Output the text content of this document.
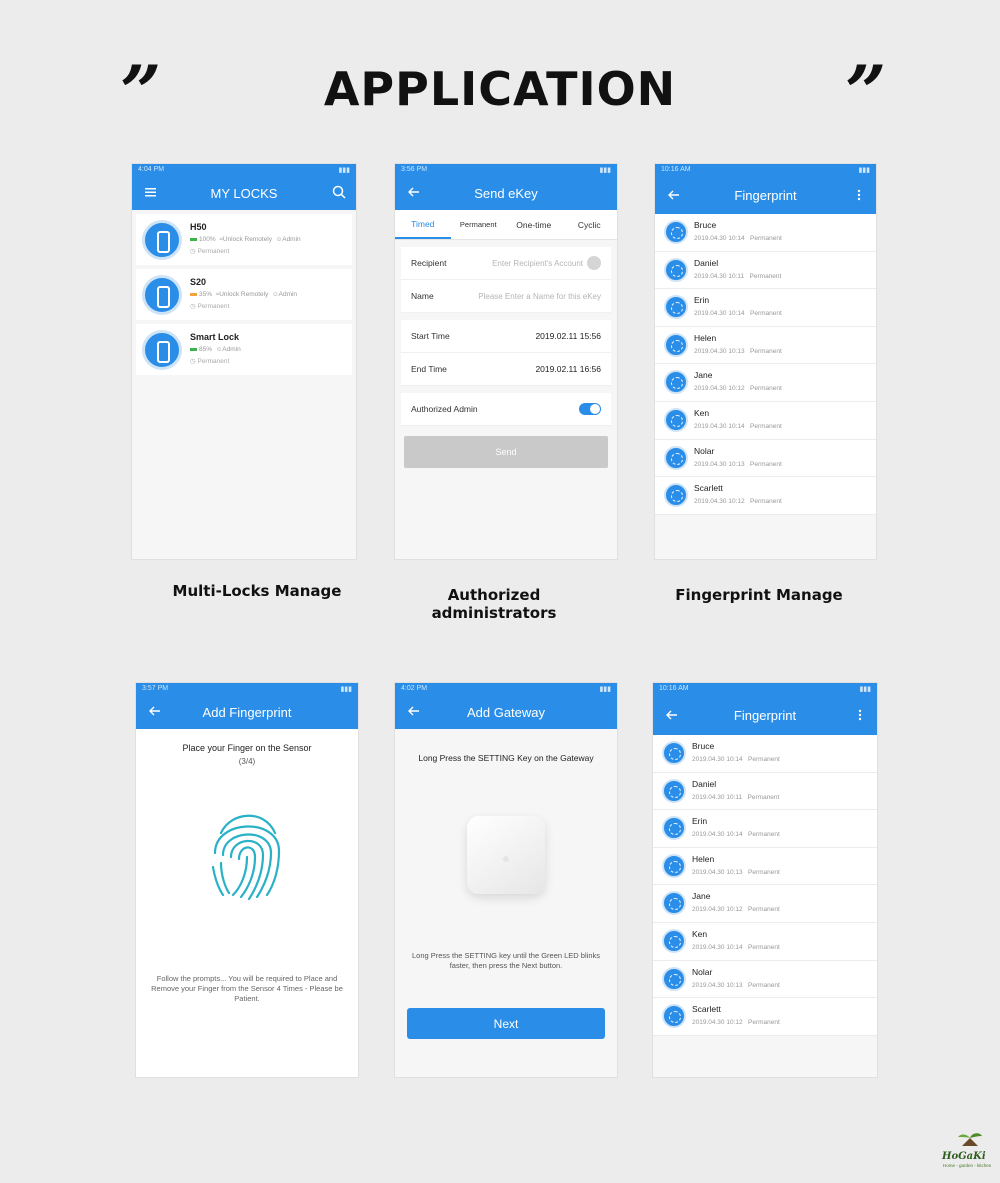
”	APPLICATION	”
4:04 PM	▮▮▮
MY LOCKS
H50
100% ≈Unlock Remotely ☺Admin
◷ Permanent
S20
35% ≈Unlock Remotely ☺Admin
◷ Permanent
Smart Lock
85% ☺Admin
◷ Permanent
Multi-Locks Manage
3:56 PM	▮▮▮
Send eKey
Timed	Permanent	One-time	Cyclic
Recipient	Enter Recipient's Account
Name	Please Enter a Name for this eKey
Start Time	2019.02.11 15:56
End Time	2019.02.11 16:56
Authorized Admin
Send
Authorized administrators
10:16 AM	▮▮▮
Fingerprint
Bruce
2019.04.30 10:14 Permanent
Daniel
2019.04.30 10:11 Permanent
Erin
2019.04.30 10:14 Permanent
Helen
2019.04.30 10:13 Permanent
Jane
2019.04.30 10:12 Permanent
Ken
2019.04.30 10:14 Permanent
Nolar
2019.04.30 10:13 Permanent
Scarlett
2019.04.30 10:12 Permanent
Fingerprint Manage
3:57 PM	▮▮▮
Add Fingerprint
Place your Finger on the Sensor
(3/4)
Follow the prompts... You will be required to Place and Remove your Finger from the Sensor 4 Times - Please be Patient.
4:02 PM	▮▮▮
Add Gateway
Long Press the SETTING Key on the Gateway
Long Press the SETTING key until the Green LED blinks faster, then press the Next button.
Next
10:16 AM	▮▮▮
Fingerprint
Bruce
2019.04.30 10:14 Permanent
Daniel
2019.04.30 10:11 Permanent
Erin
2019.04.30 10:14 Permanent
Helen
2019.04.30 10:13 Permanent
Jane
2019.04.30 10:12 Permanent
Ken
2019.04.30 10:14 Permanent
Nolar
2019.04.30 10:13 Permanent
Scarlett
2019.04.30 10:12 Permanent
HoGaKi
Home - garden - kitchen
